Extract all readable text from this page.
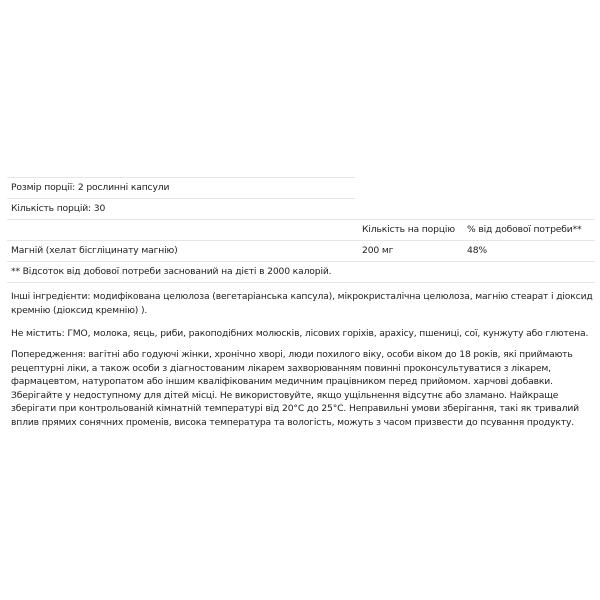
Розмір порції: 2 рослинні капсули
Кількість порцій: 30
Кількість на порцію % від добової потреби**
Магній (хелат бісгліцинату магнію)	200 мг	48%
** Відсоток від добової потреби заснований на дієті в 2000 калорій.

Інші інгредієнти: модифікована целюлоза (вегетаріанська капсула), мікрокристалічна целюлоза, магнію стеарат і діоксид кремнію (діоксид кремнію) ).

Не містить: ГМО, молока, яєць, риби, ракоподібних молюсків, лісових горіхів, арахісу, пшениці, сої, кунжуту або глютена.

Попередження: вагітні або годуючі жінки, хронічно хворі, люди похилого віку, особи віком до 18 років, які приймають рецептурні ліки, а також особи з діагностованим лікарем захворюванням повинні проконсультуватися з лікарем, фармацевтом, натуропатом або іншим кваліфікованим медичним працівником перед прийомом. харчові добавки. Зберігайте у недоступному для дітей місці. Не використовуйте, якщо ущільнення відсутнє або зламано. Найкраще зберігати при контрольованій кімнатній температурі від 20°C до 25°C. Неправильні умови зберігання, такі як тривалий вплив прямих сонячних променів, висока температура та вологість, можуть з часом призвести до псування продукту.
